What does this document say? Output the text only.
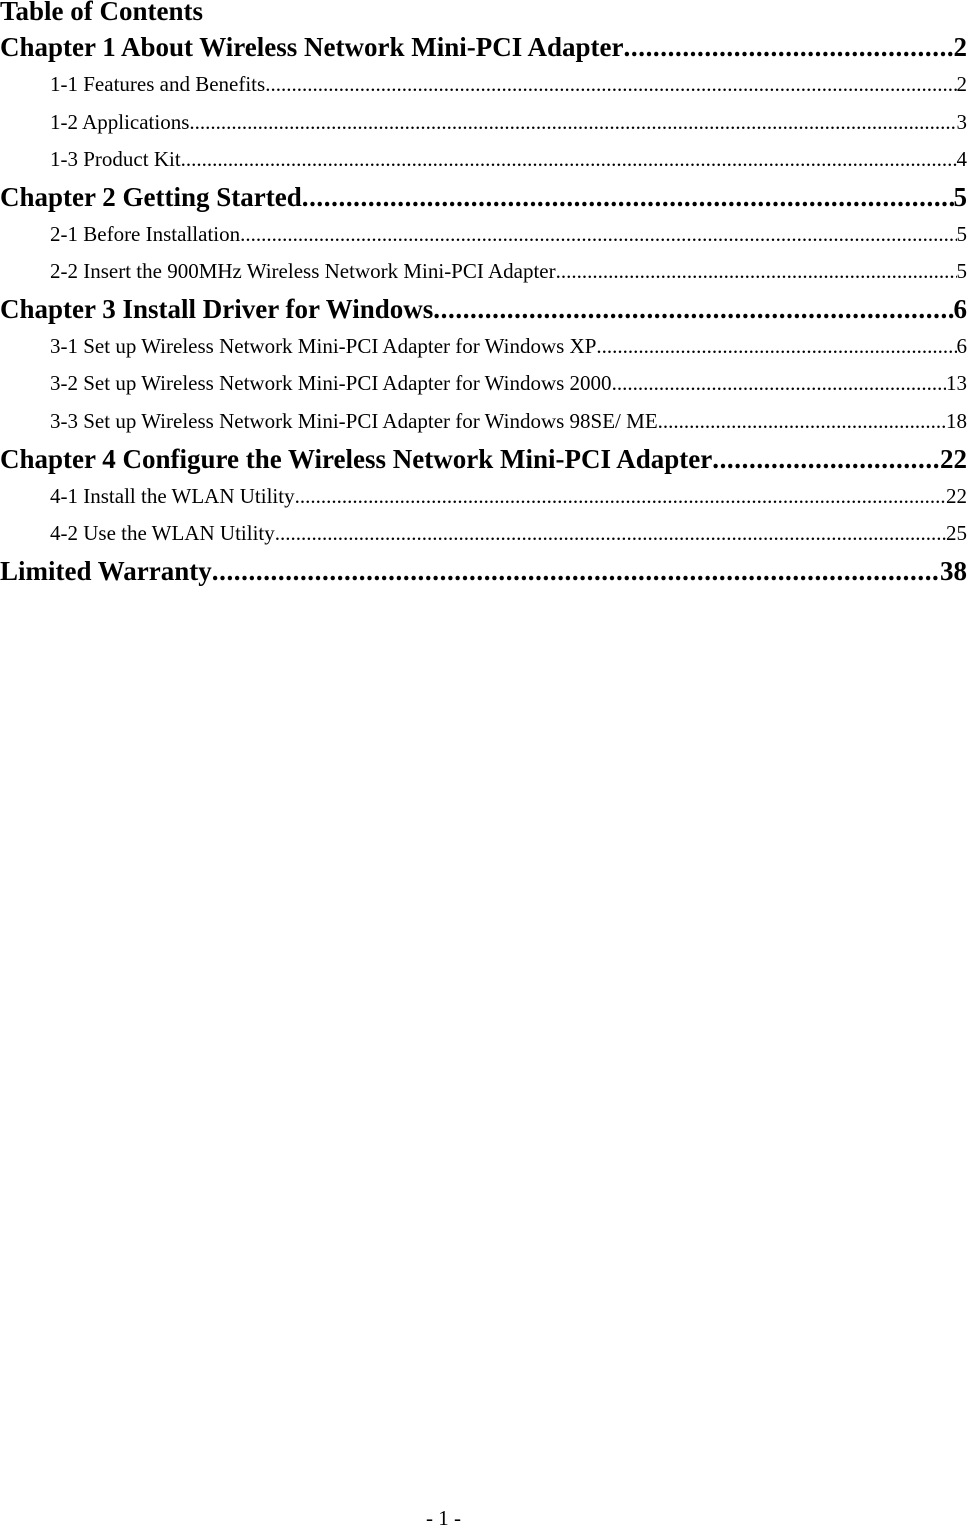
Table of Contents
Chapter 1 About Wireless Network Mini-PCI Adapter .....	2
1-1 Features and Benefits .....	2
1-2 Applications .....	3
1-3 Product Kit .....	4
Chapter 2 Getting Started .....	5
2-1 Before Installation .....	5
2-2 Insert the 900MHz Wireless Network Mini-PCI Adapter .....	5
Chapter 3 Install Driver for Windows .....	6
3-1 Set up Wireless Network Mini-PCI Adapter for Windows XP .....	6
3-2 Set up Wireless Network Mini-PCI Adapter for Windows 2000 .....	13
3-3 Set up Wireless Network Mini-PCI Adapter for Windows 98SE/ ME .....	18
Chapter 4 Configure the Wireless Network Mini-PCI Adapter .....	22
4-1 Install the WLAN Utility .....	22
4-2 Use the WLAN Utility .....	25
Limited Warranty .....	38
- 1 -
